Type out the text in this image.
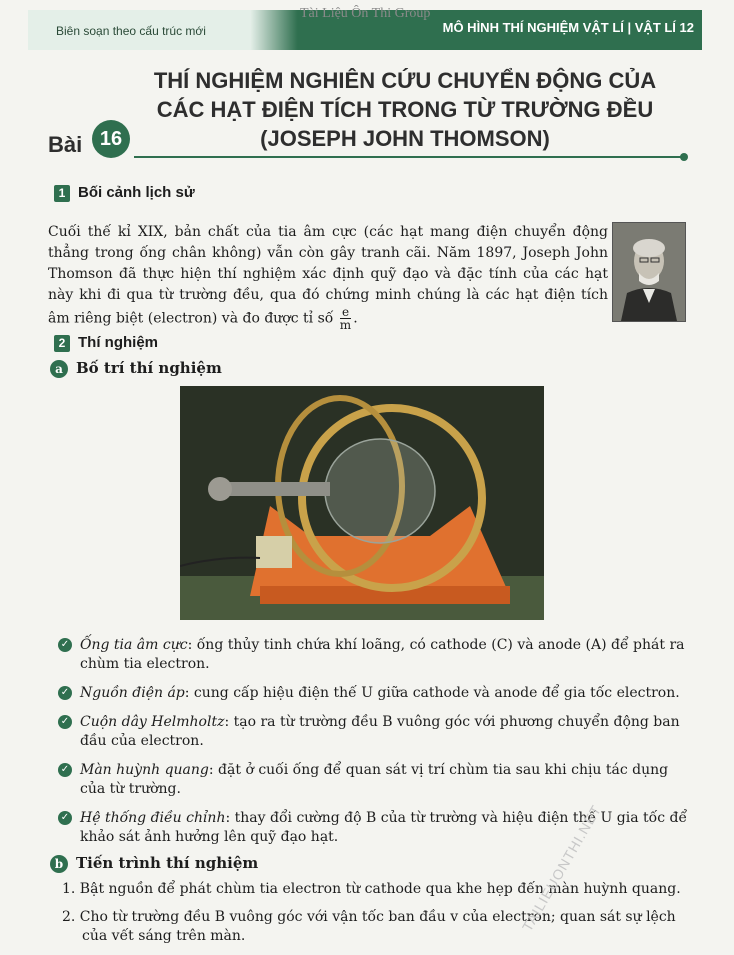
Biên soạn theo cấu trúc mới	MÔ HÌNH THÍ NGHIỆM VẬT LÍ | VẬT LÍ 12
Tài Liệu Ôn Thi Group
THÍ NGHIỆM NGHIÊN CỨU CHUYỂN ĐỘNG CỦA
CÁC HẠT ĐIỆN TÍCH TRONG TỪ TRƯỜNG ĐỀU
(JOSEPH JOHN THOMSON)
Bài 16
1 Bối cảnh lịch sử
Cuối thế kỉ XIX, bản chất của tia âm cực (các hạt mang điện chuyển động thẳng trong ống chân không) vẫn còn gây tranh cãi. Năm 1897, Joseph John Thomson đã thực hiện thí nghiệm xác định quỹ đạo và đặc tính của các hạt này khi đi qua từ trường đều, qua đó chứng minh chúng là các hạt điện tích âm riêng biệt (electron) và đo được tỉ số $\frac{e}{m}$ .
2 Thí nghiệm
a Bố trí thí nghiệm
✓ Ống tia âm cực: ống thủy tinh chứa khí loãng, có cathode (C) và anode (A) để phát ra chùm tia electron.
✓ Nguồn điện áp: cung cấp hiệu điện thế U giữa cathode và anode để gia tốc electron.
✓ Cuộn dây Helmholtz: tạo ra từ trường đều B vuông góc với phương chuyển động ban đầu của electron.
✓ Màn huỳnh quang: đặt ở cuối ống để quan sát vị trí chùm tia sau khi chịu tác dụng của từ trường.
✓ Hệ thống điều chỉnh: thay đổi cường độ B của từ trường và hiệu điện thế U gia tốc để khảo sát ảnh hưởng lên quỹ đạo hạt.
b Tiến trình thí nghiệm
1. Bật nguồn để phát chùm tia electron từ cathode qua khe hẹp đến màn huỳnh quang.
2. Cho từ trường đều B vuông góc với vận tốc ban đầu v của electron; quan sát sự lệch của vết sáng trên màn.
TAILIEUONTHI.NET
